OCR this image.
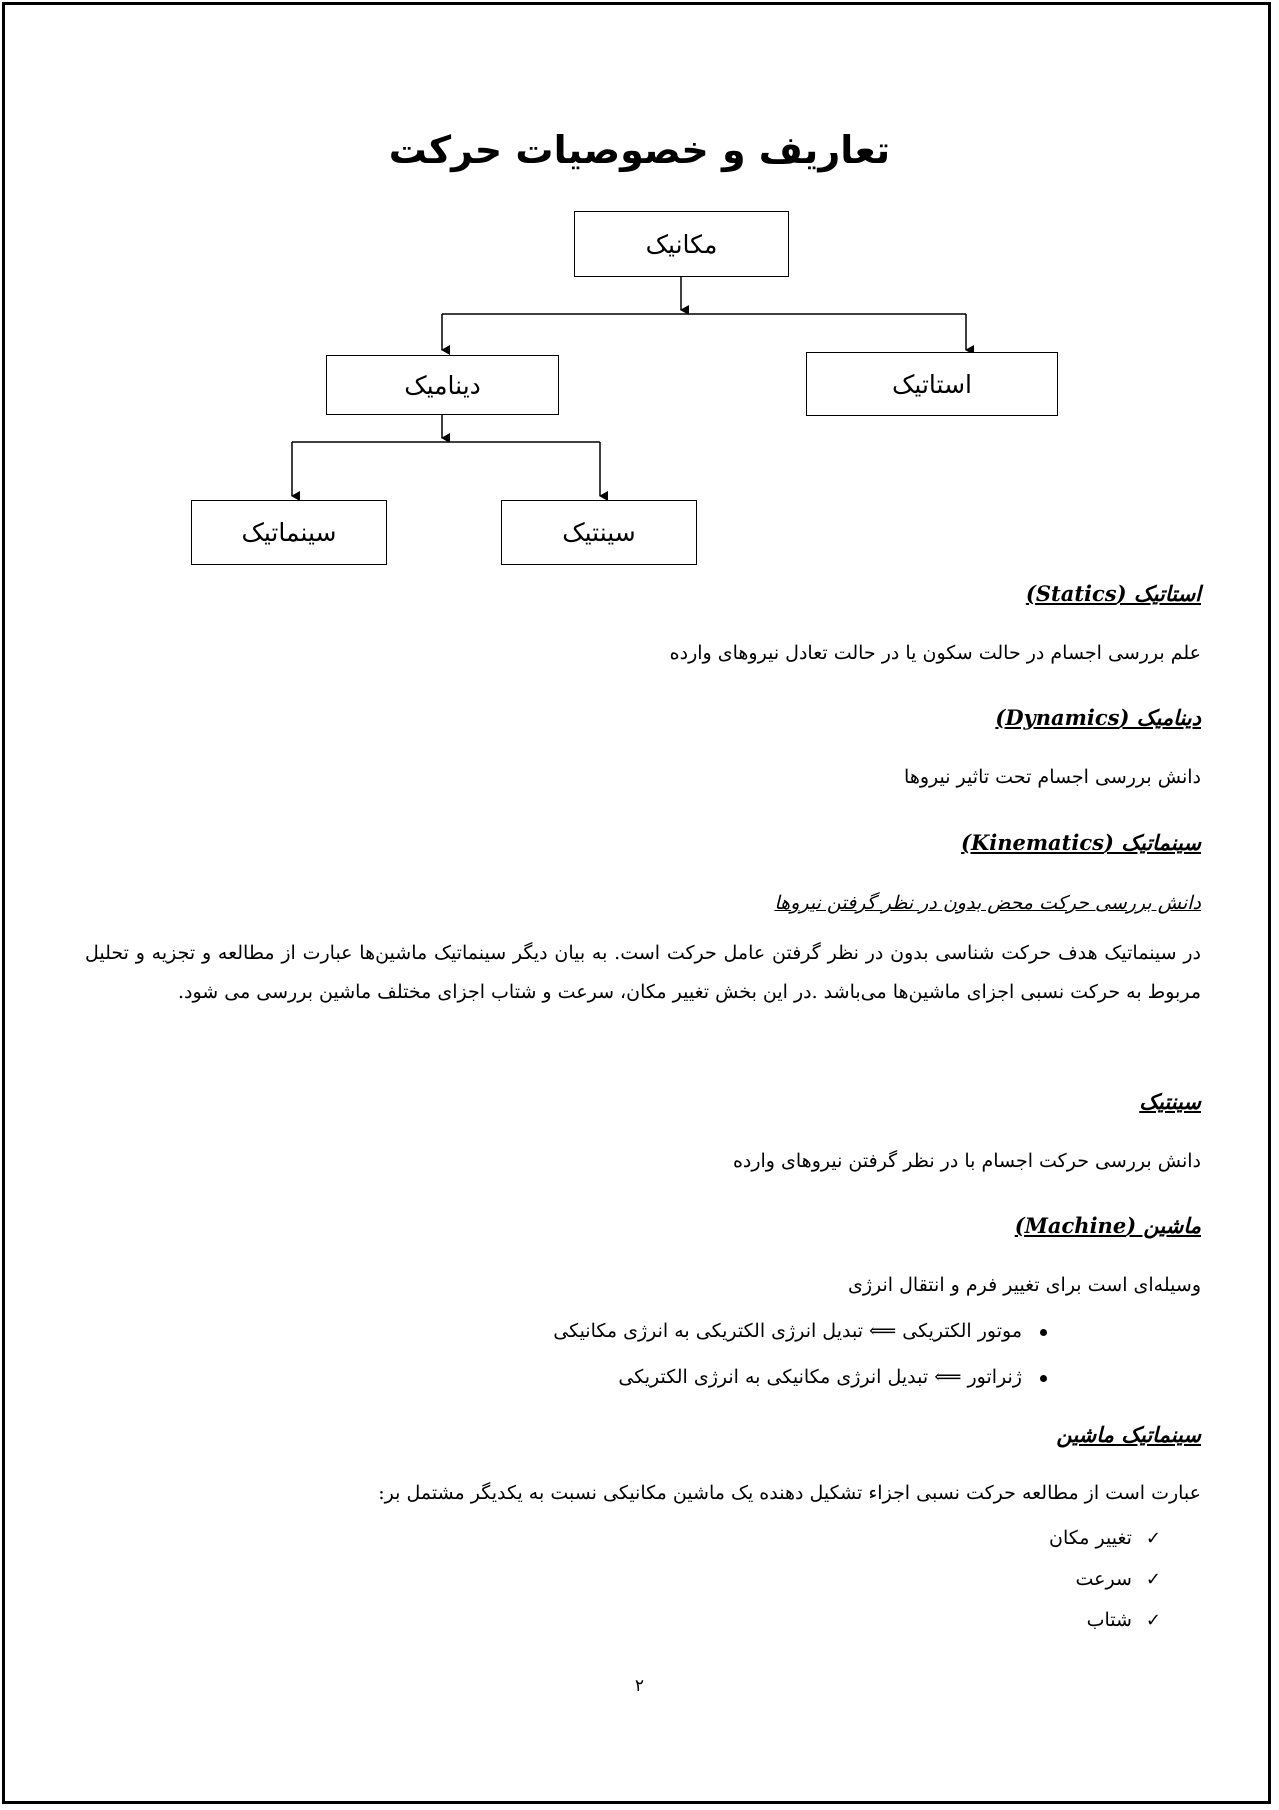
تعاریف و خصوصیات حرکت
مکانیک
استاتیک
دینامیک
سینتیک
سینماتیک
استاتیک (Statics)
علم بررسی اجسام در حالت سکون یا در حالت تعادل نیروهای وارده
دینامیک (Dynamics)
دانش بررسی اجسام تحت تاثیر نیروها
سینماتیک (Kinematics)
دانش بررسی حرکت محض بدون در نظر گرفتن نیروها
در سینماتیک هدف حرکت شناسی بدون در نظر گرفتن عامل حرکت است. به بیان دیگر سینماتیک ماشین‌ها عبارت از مطالعه و تجزیه و تحلیل مربوط به حرکت نسبی اجزای ماشین‌ها می‌باشد .در این بخش تغییر مکان، سرعت و شتاب اجزای مختلف ماشین بررسی می شود.
سینتیک
دانش بررسی حرکت اجسام با در نظر گرفتن نیروهای وارده
ماشین (Machine)
وسیله‌ای است برای تغییر فرم و انتقال انرژی
موتور الکتریکی ⟸ تبدیل انرژی الکتریکی به انرژی مکانیکی
ژنراتور ⟸ تبدیل انرژی مکانیکی به انرژی الکتریکی
سینماتیک ماشین
عبارت است از مطالعه حرکت نسبی اجزاء تشکیل دهنده یک ماشین مکانیکی نسبت به یکدیگر مشتمل بر:
✓تغییر مکان
✓سرعت
✓شتاب
۲
